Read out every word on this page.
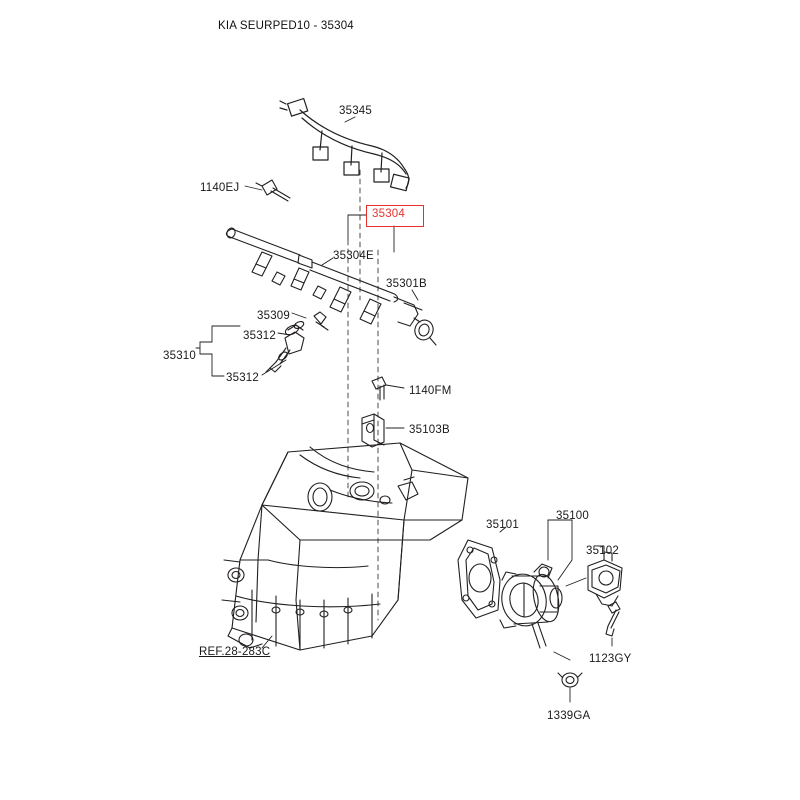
KIA SEURPED10 - 35304
35345
1140EJ
35304
35304E
35301B
35309
35312
35310
35312
1140FM
35103B
35101
35100
35102
1123GY
REF.28-283C
1339GA
